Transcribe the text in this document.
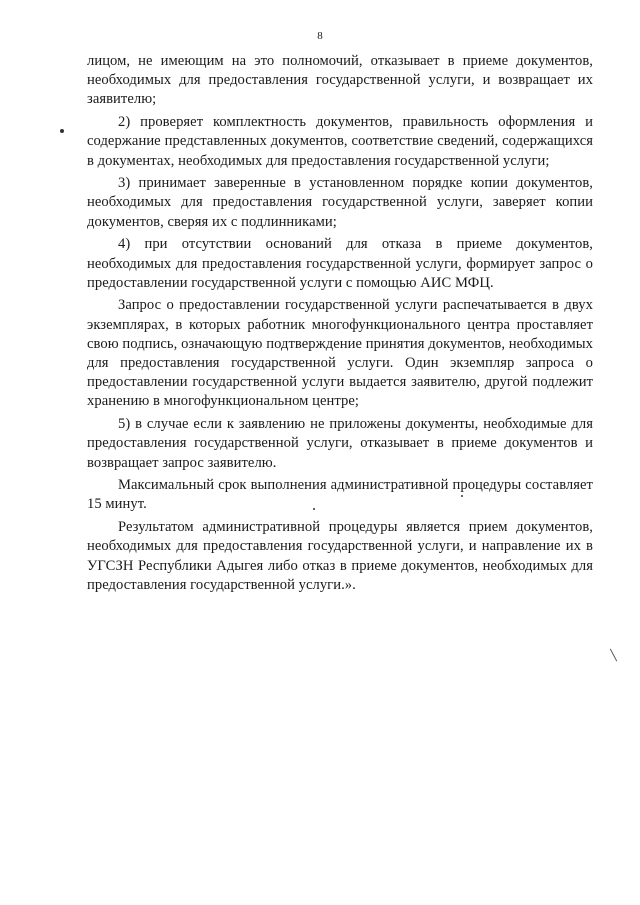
8

лицом, не имеющим на это полномочий, отказывает в приеме документов, необходимых для предоставления государственной услуги, и возвращает их заявителю;

2) проверяет комплектность документов, правильность оформления и содержание представленных документов, соответствие сведений, содержащихся в документах, необходимых для предоставления государственной услуги;

3) принимает заверенные в установленном порядке копии документов, необходимых для предоставления государственной услуги, заверяет копии документов, сверяя их с подлинниками;

4) при отсутствии оснований для отказа в приеме документов, необходимых для предоставления государственной услуги, формирует запрос о предоставлении государственной услуги с помощью АИС МФЦ.

Запрос о предоставлении государственной услуги распечатывается в двух экземплярах, в которых работник многофункционального центра проставляет свою подпись, означающую подтверждение принятия документов, необходимых для предоставления государственной услуги. Один экземпляр запроса о предоставлении государственной услуги выдается заявителю, другой подлежит хранению в многофункциональном центре;

5) в случае если к заявлению не приложены документы, необходимые для предоставления государственной услуги, отказывает в приеме документов и возвращает запрос заявителю.

Максимальный срок выполнения административной процедуры составляет 15 минут.

Результатом административной процедуры является прием документов, необходимых для предоставления государственной услуги, и направление их в УГСЗН Республики Адыгея либо отказ в приеме документов, необходимых для предоставления государственной услуги.».
